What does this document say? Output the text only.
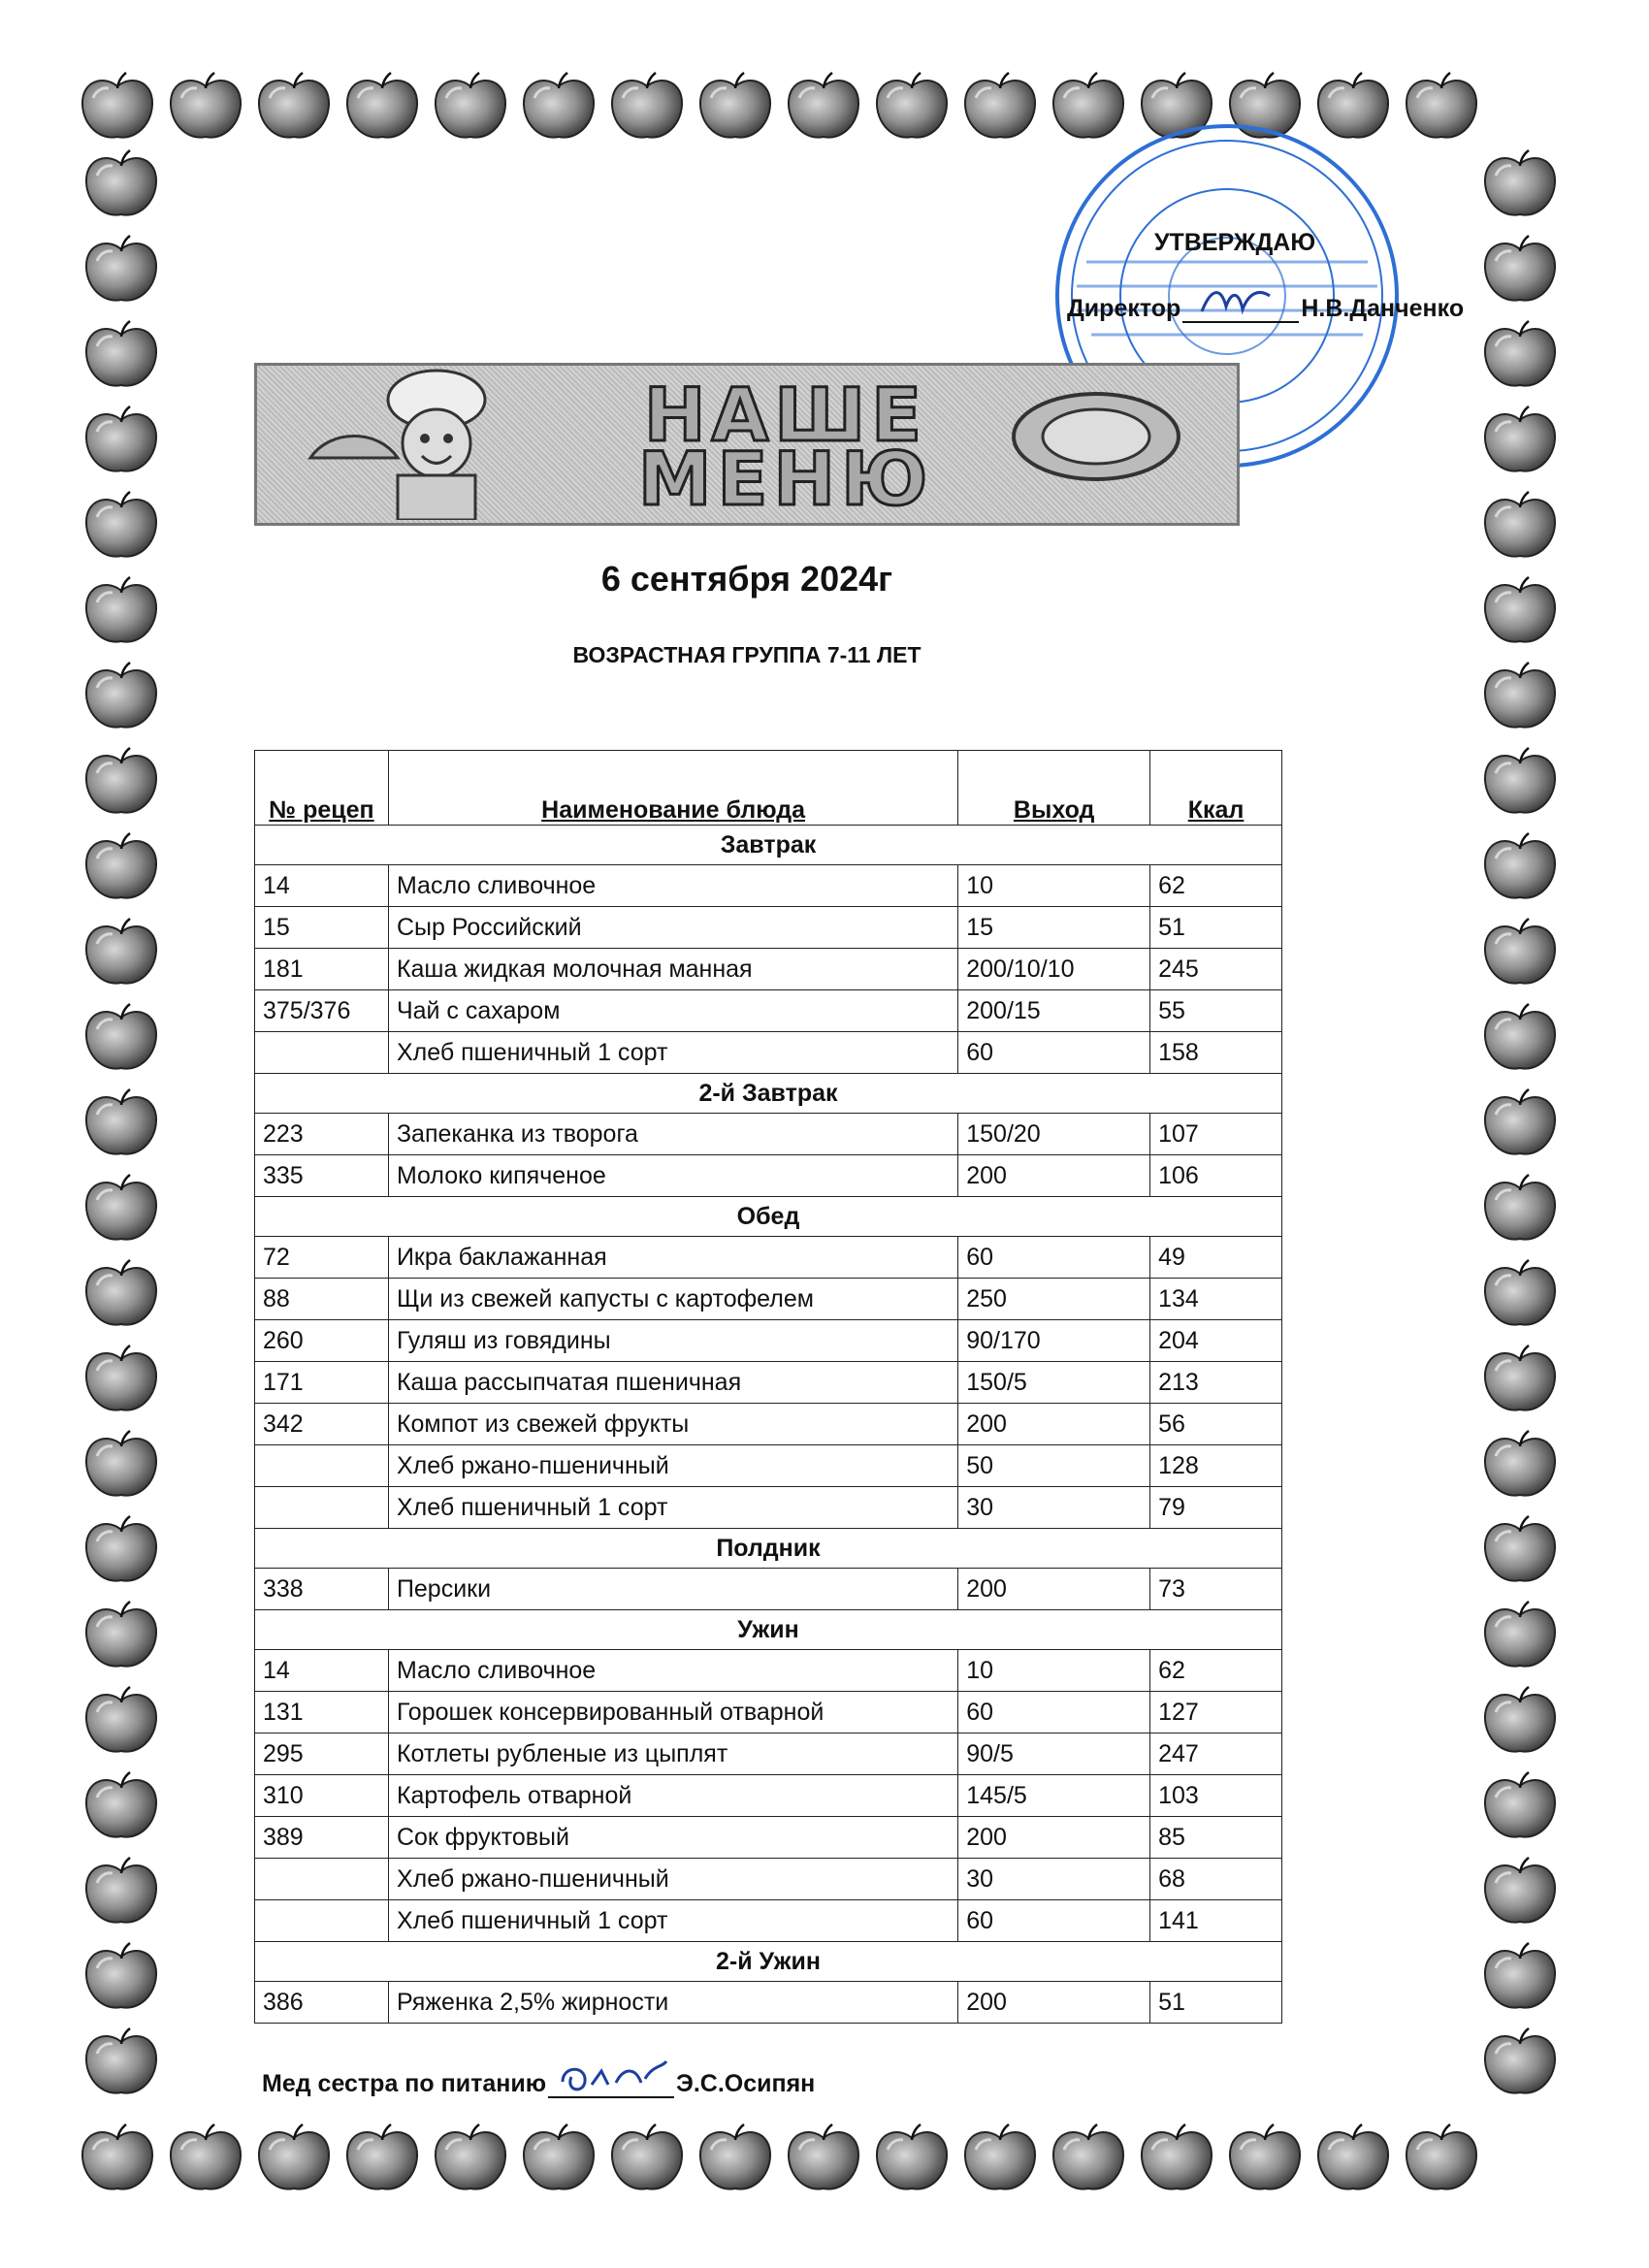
УТВЕРЖДАЮ
Директор	Н.В.Данченко
НАШЕ
МЕНЮ
6 сентября 2024г
ВОЗРАСТНАЯ ГРУППА 7-11 ЛЕТ
№ рецеп	Наименование блюда	Выход	Ккал
Завтрак			
14	Масло сливочное	10	62
15	Сыр Российский	15	51
181	Каша жидкая молочная манная	200/10/10	245
375/376	Чай с сахаром	200/15	55
	Хлеб пшеничный 1 сорт	60	158
2-й Завтрак			
223	Запеканка из творога	150/20	107
335	Молоко кипяченое	200	106
Обед			
72	Икра баклажанная	60	49
88	Щи из свежей капусты с картофелем	250	134
260	Гуляш из говядины	90/170	204
171	Каша рассыпчатая пшеничная	150/5	213
342	Компот из свежей фрукты	200	56
	Хлеб ржано-пшеничный	50	128
	Хлеб пшеничный 1 сорт	30	79
Полдник			
338	Персики	200	73
Ужин			
14	Масло сливочное	10	62
131	Горошек консервированный отварной	60	127
295	Котлеты рубленые из цыплят	90/5	247
310	Картофель отварной	145/5	103
389	Сок фруктовый	200	85
	Хлеб ржано-пшеничный	30	68
	Хлеб пшеничный 1 сорт	60	141
2-й Ужин			
386	Ряженка 2,5% жирности	200	51
Мед сестра по питанию	Э.С.Осипян
